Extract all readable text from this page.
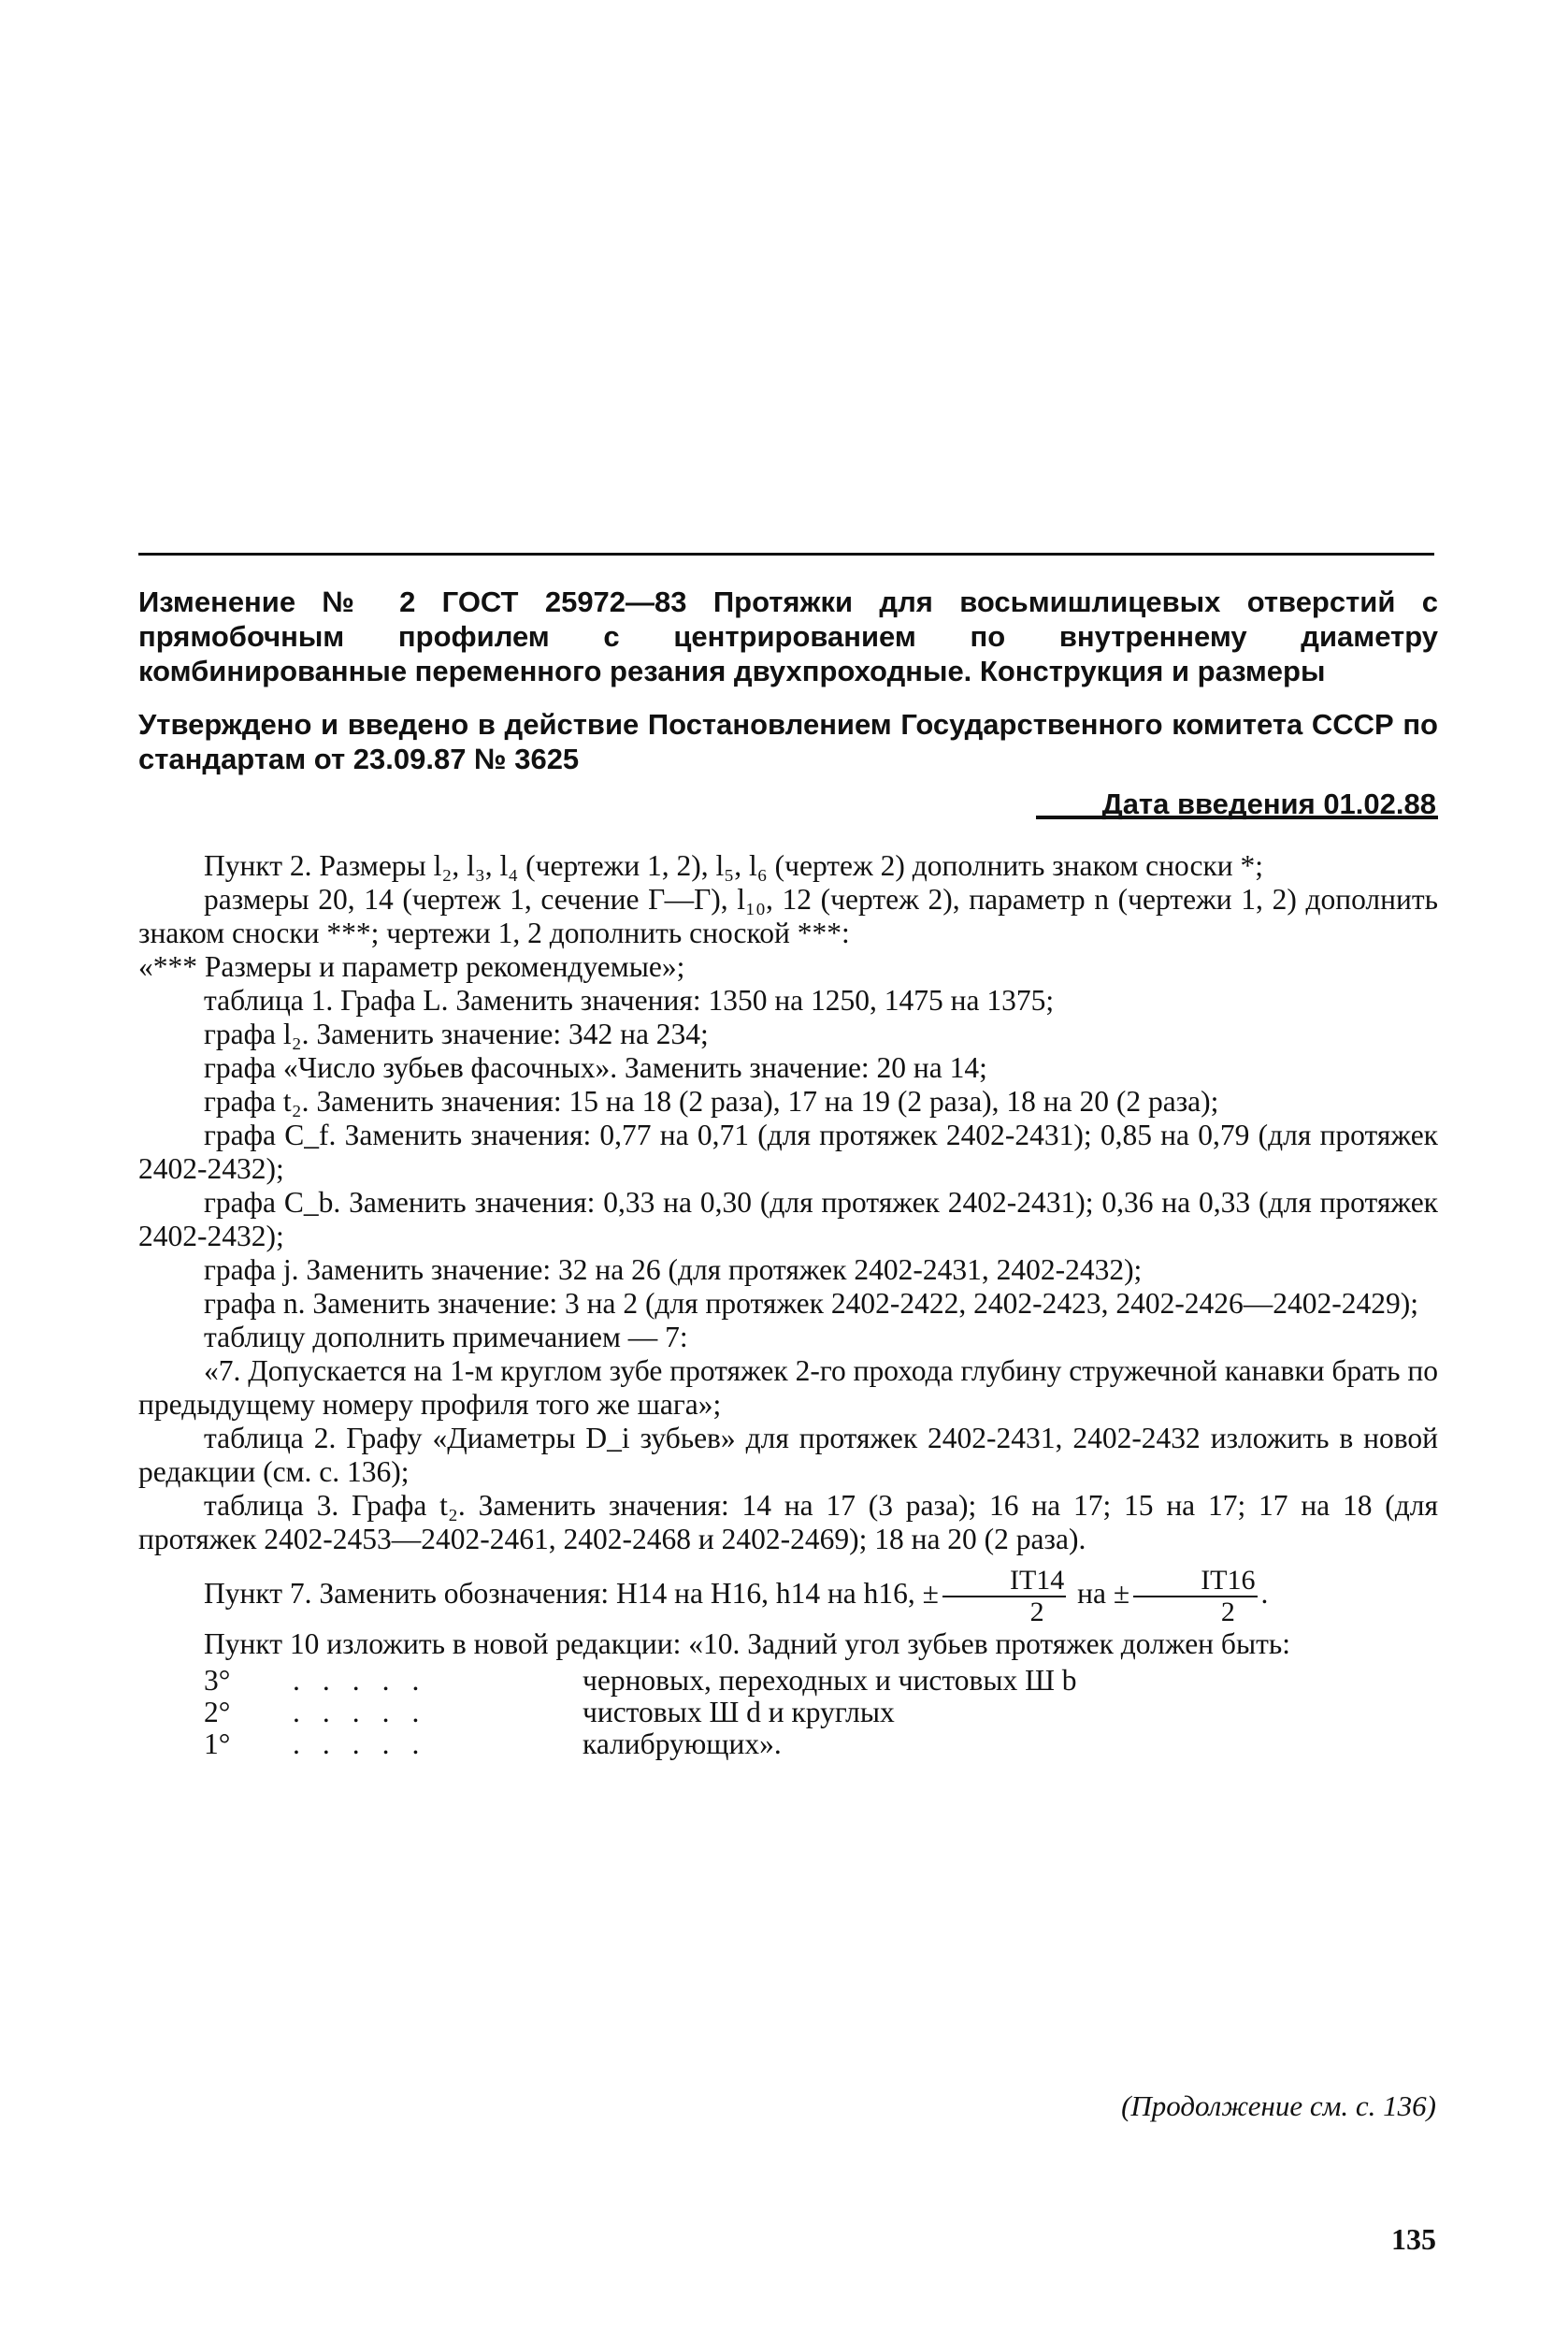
Изменение № 2 ГОСТ 25972—83 Протяжки для восьмишлицевых отверстий с прямобочным профилем с центрированием по внутреннему диаметру комбинированные переменного резания двухпроходные. Конструкция и размеры

Утверждено и введено в действие Постановлением Государственного комитета СССР по стандартам от 23.09.87 № 3625

Дата введения 01.02.88

Пункт 2. Размеры l₂, l₃, l₄ (чертежи 1, 2), l₅, l₆ (чертеж 2) дополнить знаком сноски *;

размеры 20, 14 (чертеж 1, сечение Г—Г), l₁₀, 12 (чертеж 2), параметр n (чертежи 1, 2) дополнить знаком сноски ***; чертежи 1, 2 дополнить сноской ***:

«*** Размеры и параметр рекомендуемые»;

таблица 1. Графа L. Заменить значения: 1350 на 1250, 1475 на 1375;

графа l₂. Заменить значение: 342 на 234;

графа «Число зубьев фасочных». Заменить значение: 20 на 14;

графа t₂. Заменить значения: 15 на 18 (2 раза), 17 на 19 (2 раза), 18 на 20 (2 раза);

графа C_f. Заменить значения: 0,77 на 0,71 (для протяжек 2402-2431); 0,85 на 0,79 (для протяжек 2402-2432);

графа C_b. Заменить значения: 0,33 на 0,30 (для протяжек 2402-2431); 0,36 на 0,33 (для протяжек 2402-2432);

графа j. Заменить значение: 32 на 26 (для протяжек 2402-2431, 2402-2432);

графа n. Заменить значение: 3 на 2 (для протяжек 2402-2422, 2402-2423, 2402-2426—2402-2429);

таблицу дополнить примечанием — 7:

«7. Допускается на 1-м круглом зубе протяжек 2-го прохода глубину стружечной канавки брать по предыдущему номеру профиля того же шага»;

таблица 2. Графу «Диаметры D_i зубьев» для протяжек 2402-2431, 2402-2432 изложить в новой редакции (см. с. 136);

таблица 3. Графа t₂. Заменить значения: 14 на 17 (3 раза); 16 на 17; 15 на 17; 17 на 18 (для протяжек 2402-2453—2402-2461, 2402-2468 и 2402-2469); 18 на 20 (2 раза).

Пункт 7. Заменить обозначения: Н14 на Н16, h14 на h16, ± $\frac{IT14}{2}$ на ± $\frac{IT16}{2}$ .

Пункт 10 изложить в новой редакции: «10. Задний угол зубьев протяжек должен быть:

3°	.....	черновых, переходных и чистовых Ш b
2°	.....	чистовых Ш d и круглых
1°	.....	калибрующих».
(Продолжение см. с. 136)
135
